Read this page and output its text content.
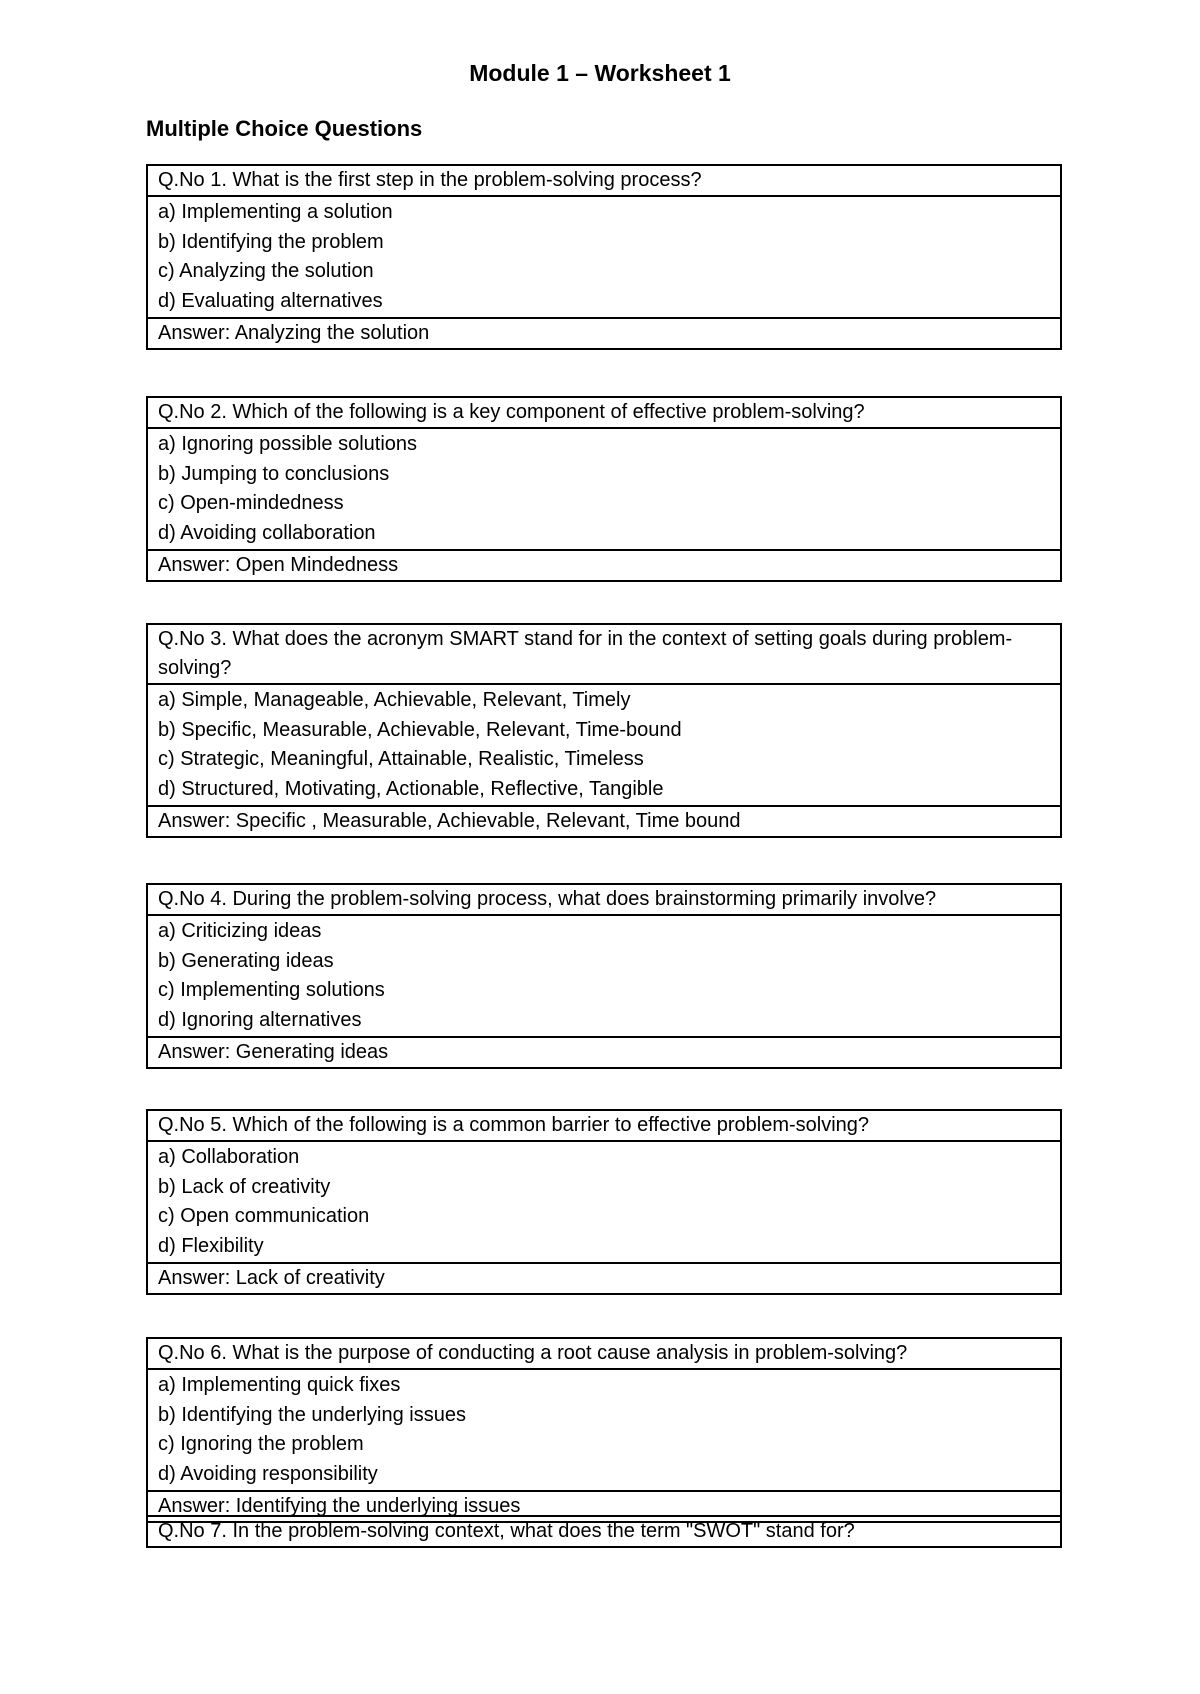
Module 1 – Worksheet 1
Multiple Choice Questions
Q.No 1. What is the first step in the problem-solving process?
a) Implementing a solution
b) Identifying the problem
c) Analyzing the solution
d) Evaluating alternatives
Answer: Analyzing the solution
Q.No 2. Which of the following is a key component of effective problem-solving?
a) Ignoring possible solutions
b) Jumping to conclusions
c) Open-mindedness
d) Avoiding collaboration
Answer: Open Mindedness
Q.No 3. What does the acronym SMART stand for in the context of setting goals during problem-solving?
a) Simple, Manageable, Achievable, Relevant, Timely
b) Specific, Measurable, Achievable, Relevant, Time-bound
c) Strategic, Meaningful, Attainable, Realistic, Timeless
d) Structured, Motivating, Actionable, Reflective, Tangible
Answer: Specific , Measurable, Achievable, Relevant, Time bound
Q.No 4. During the problem-solving process, what does brainstorming primarily involve?
a) Criticizing ideas
b) Generating ideas
c) Implementing solutions
d) Ignoring alternatives
Answer: Generating ideas
Q.No 5. Which of the following is a common barrier to effective problem-solving?
a) Collaboration
b) Lack of creativity
c) Open communication
d) Flexibility
Answer: Lack of creativity
Q.No 6. What is the purpose of conducting a root cause analysis in problem-solving?
a) Implementing quick fixes
b) Identifying the underlying issues
c) Ignoring the problem
d) Avoiding responsibility
Answer: Identifying the underlying issues
Q.No 7. In the problem-solving context, what does the term "SWOT" stand for?
